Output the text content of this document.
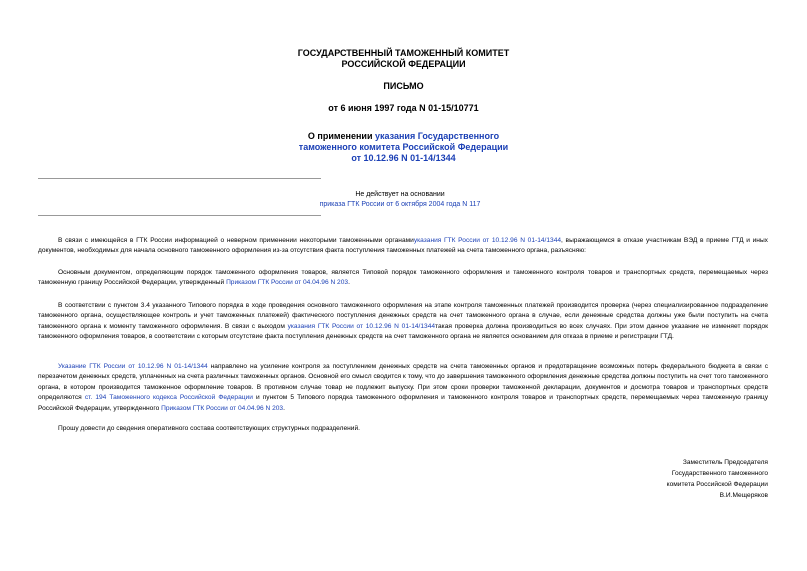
ГОСУДАРСТВЕННЫЙ ТАМОЖЕННЫЙ КОМИТЕТ
РОССИЙСКОЙ ФЕДЕРАЦИИ
ПИСЬМО
от 6 июня 1997 года N 01-15/10771
О применении указания Государственного
таможенного комитета Российской Федерации
от 10.12.96 N 01-14/1344
Не действует на основании
приказа ГТК России от 6 октября 2004 года N 117
В связи с имеющейся в ГТК России информацией о неверном применении некоторыми таможенными органамиуказания ГТК России от 10.12.96 N 01-14/1344, выражающемся в отказе участникам ВЭД в приеме ГТД и иных документов, необходимых для начала основного таможенного оформления из-за отсутствия факта поступления таможенных платежей на счета таможенного органа, разъясняю:
Основным документом, определяющим порядок таможенного оформления товаров, является Типовой порядок таможенного оформления и таможенного контроля товаров и транспортных средств, перемещаемых через таможенную границу Российской Федерации, утвержденный Приказом ГТК России от 04.04.96 N 203.
В соответствии с пунктом 3.4 указанного Типового порядка в ходе проведения основного таможенного оформления на этапе контроля таможенных платежей производится проверка (через специализированное подразделение таможенного органа, осуществляющее контроль и учет таможенных платежей) фактического поступления денежных средств на счет таможенного органа в случае, если денежные средства должны уже были поступить на счета таможенного органа к моменту таможенного оформления. В связи с выходом указания ГТК России от 10.12.96 N 01-14/1344такая проверка должна производиться во всех случаях. При этом данное указание не изменяет порядок таможенного оформления товаров, в соответствии с которым отсутствие факта поступления денежных средств на счет таможенного органа не является основанием для отказа в приеме и регистрации ГТД.
Указание ГТК России от 10.12.96 N 01-14/1344 направлено на усиление контроля за поступлением денежных средств на счета таможенных органов и предотвращение возможных потерь федерального бюджета в связи с перезачетом денежных средств, уплаченных на счета различных таможенных органов. Основной его смысл сводится к тому, что до завершения таможенного оформления денежные средства должны поступить на счет того таможенного органа, в котором производится таможенное оформление товаров. В противном случае товар не подлежит выпуску. При этом сроки проверки таможенной декларации, документов и досмотра товаров и транспортных средств определяются ст. 194 Таможенного кодекса Российской Федерации и пунктом 5 Типового порядка таможенного оформления и таможенного контроля товаров и транспортных средств, перемещаемых через таможенную границу Российской Федерации, утвержденного Приказом ГТК России от 04.04.96 N 203.
Прошу довести до сведения оперативного состава соответствующих структурных подразделений.
Заместитель Председателя
Государственного таможенного
комитета Российской Федерации
В.И.Мещеряков
